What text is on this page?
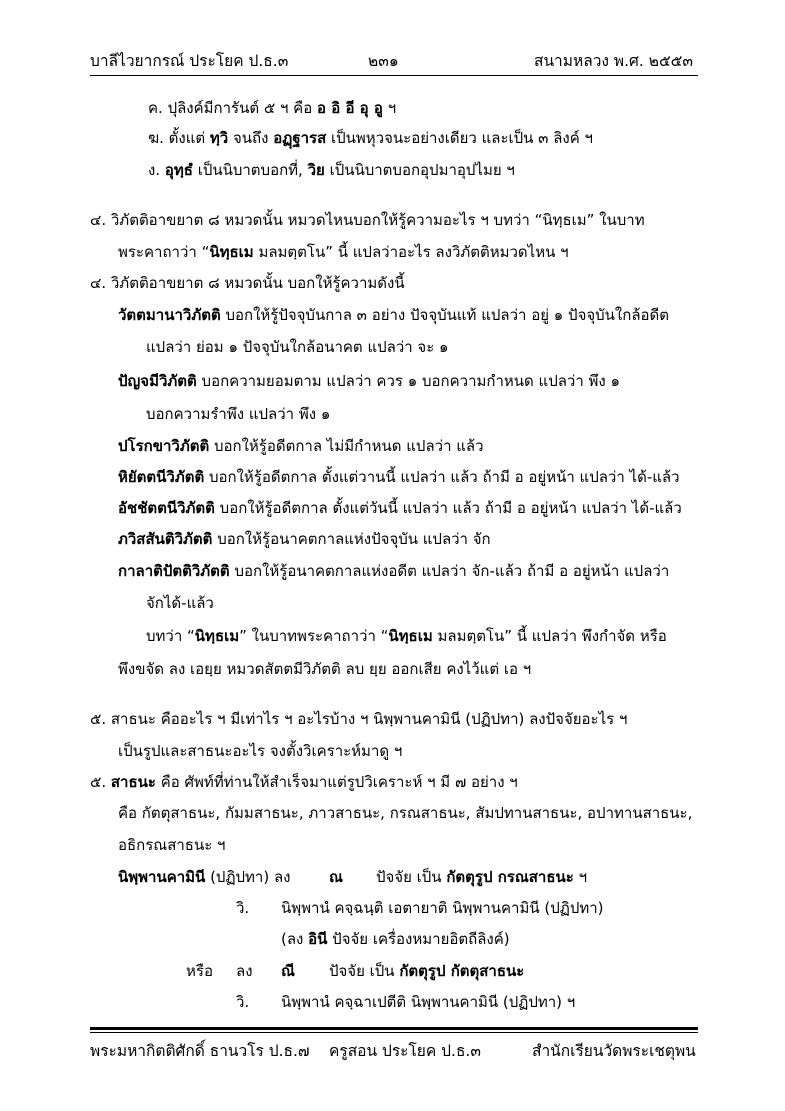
บาลีไวยากรณ์ ประโยค ป.ธ.๓	๒๓๑	สนามหลวง พ.ศ. ๒๕๕๓
ค. ปุลิงค์มีการันต์ ๕ ฯ คือ อ อิ อี อุ อู ฯ
ฆ. ตั้งแต่ ทฺวิ จนถึง อฏฺฐารส เป็นพหุวจนะอย่างเดียว และเป็น ๓ ลิงค์ ฯ
ง. อุทฺธํ เป็นนิบาตบอกที่, วิย เป็นนิบาตบอกอุปมาอุปไมย ฯ
๔. วิภัตติอาขยาต ๘ หมวดนั้น หมวดไหนบอกให้รู้ความอะไร ฯ บทว่า “นิทฺธเม” ในบาท
พระคาถาว่า “นิทฺธเม มลมตฺตโน” นี้ แปลว่าอะไร ลงวิภัตติหมวดไหน ฯ
๔. วิภัตติอาขยาต ๘ หมวดนั้น บอกให้รู้ความดังนี้
วัตตมานาวิภัตติ บอกให้รู้ปัจจุบันกาล ๓ อย่าง ปัจจุบันแท้ แปลว่า อยู่ ๑ ปัจจุบันใกล้อดีต
แปลว่า ย่อม ๑ ปัจจุบันใกล้อนาคต แปลว่า จะ ๑
ปัญจมีวิภัตติ บอกความยอมตาม แปลว่า ควร ๑ บอกความกำหนด แปลว่า พึง ๑
บอกความรำพึง แปลว่า พึง ๑
ปโรกขาวิภัตติ บอกให้รู้อดีตกาล ไม่มีกำหนด แปลว่า แล้ว
หิยัตตนีวิภัตติ บอกให้รู้อดีตกาล ตั้งแต่วานนี้ แปลว่า แล้ว ถ้ามี อ อยู่หน้า แปลว่า ได้-แล้ว
อัชชัตตนีวิภัตติ บอกให้รู้อดีตกาล ตั้งแต่วันนี้ แปลว่า แล้ว ถ้ามี อ อยู่หน้า แปลว่า ได้-แล้ว
ภวิสสันติวิภัตติ บอกให้รู้อนาคตกาลแห่งปัจจุบัน แปลว่า จัก
กาลาติปัตติวิภัตติ บอกให้รู้อนาคตกาลแห่งอดีต แปลว่า จัก-แล้ว ถ้ามี อ อยู่หน้า แปลว่า
จักได้-แล้ว
บทว่า “นิทฺธเม” ในบาทพระคาถาว่า “นิทฺธเม มลมตฺตโน” นี้ แปลว่า พึงกำจัด หรือ
พึงขจัด ลง เอยฺย หมวดสัตตมีวิภัตติ ลบ ยฺย ออกเสีย คงไว้แต่ เอ ฯ
๕. สาธนะ คืออะไร ฯ มีเท่าไร ฯ อะไรบ้าง ฯ นิพฺพานคามินี (ปฏิปทา) ลงปัจจัยอะไร ฯ
เป็นรูปและสาธนะอะไร จงตั้งวิเคราะห์มาดู ฯ
๕. สาธนะ คือ ศัพท์ที่ท่านให้สำเร็จมาแต่รูปวิเคราะห์ ฯ มี ๗ อย่าง ฯ
คือ กัตตุสาธนะ, กัมมสาธนะ, ภาวสาธนะ, กรณสาธนะ, สัมปทานสาธนะ, อปาทานสาธนะ,
อธิกรณสาธนะ ฯ
นิพฺพานคามินี (ปฏิปทา) ลง	ณ ปัจจัย เป็น กัตตุรูป กรณสาธนะ ฯ
วิ. นิพฺพานํ คจฺฉนฺติ เอตายาติ นิพฺพานคามินี (ปฏิปทา)
(ลง อินี ปัจจัย เครื่องหมายอิตถีลิงค์)
หรือ ลง ณี ปัจจัย เป็น กัตตุรูป กัตตุสาธนะ
วิ. นิพฺพานํ คจฺฉาเปตีติ นิพฺพานคามินี (ปฏิปทา) ฯ
พระมหากิตติศักดิ์ ธานวโร ป.ธ.๗ ครูสอน ประโยค ป.ธ.๓	สำนักเรียนวัดพระเชตุพน
